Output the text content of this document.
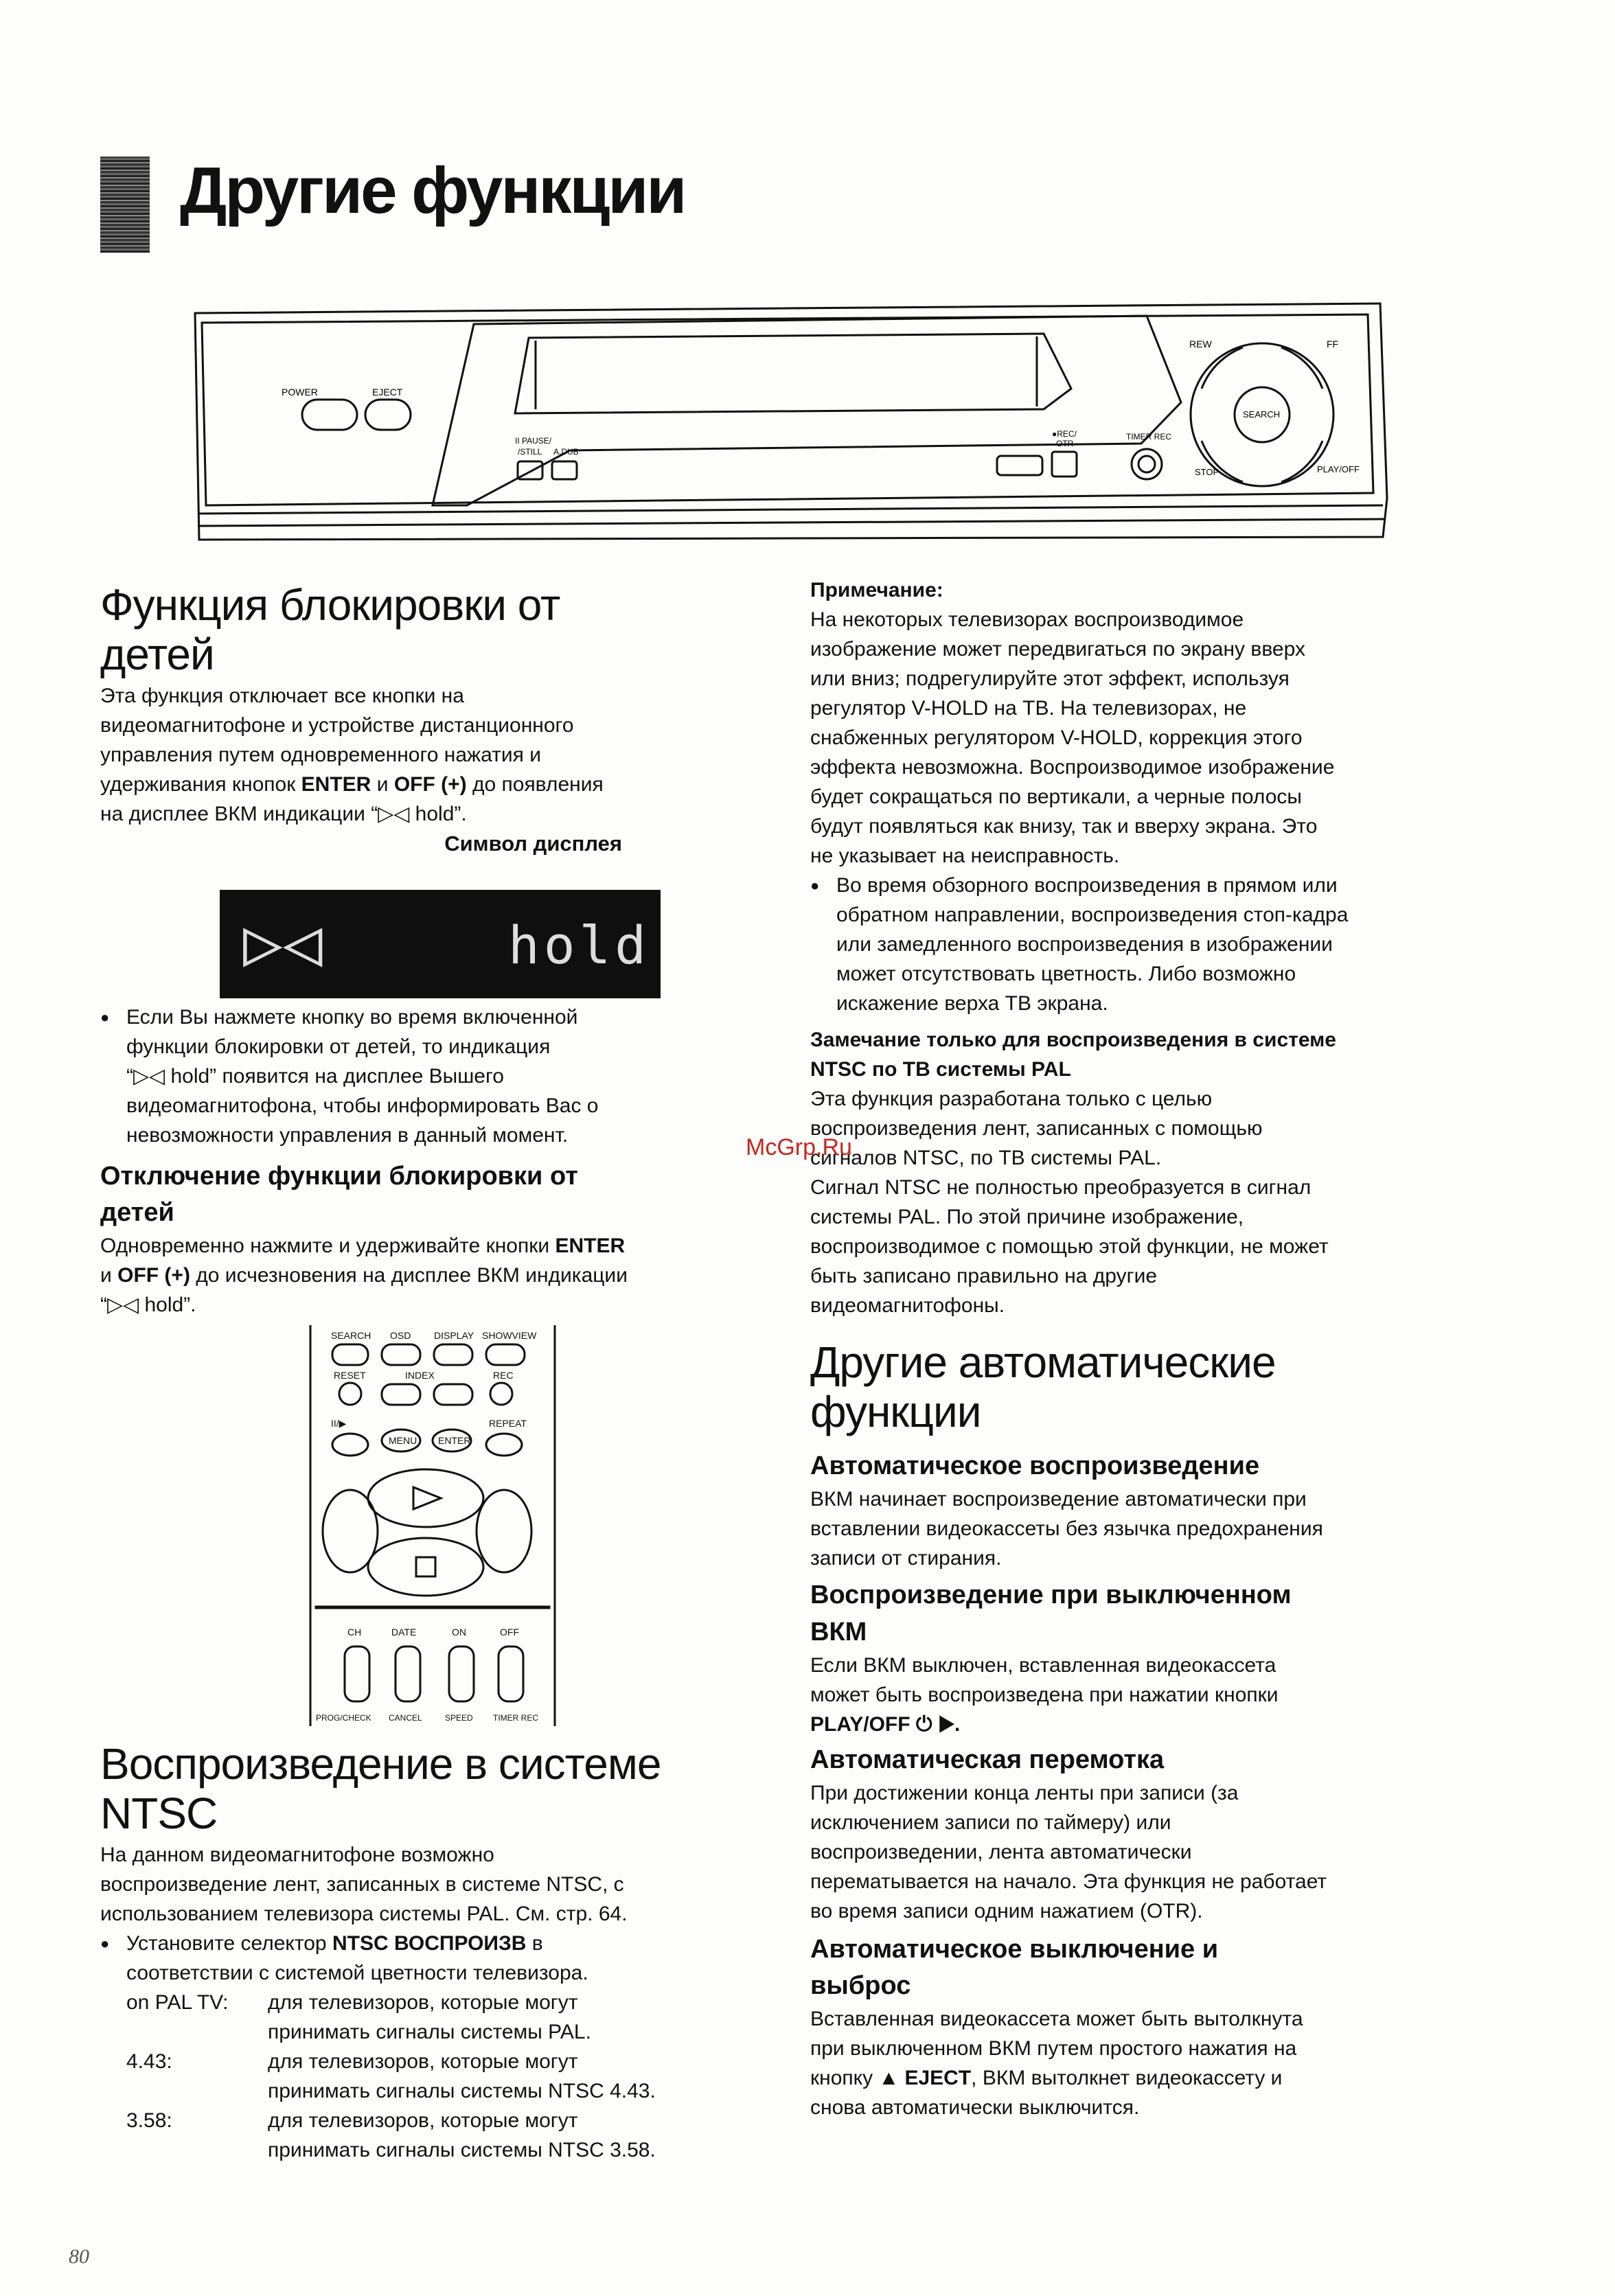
Другие функции
POWER	EJECT
II PAUSE/
/STILL A.DUB
●REC/
OTR
TIMER REC
REW	FF
SEARCH
STOP	PLAY/OFF
Функция блокировки от
детей
Эта функция отключает все кнопки на
видеомагнитофоне и устройстве дистанционного
управления путем одновременного нажатия и
удерживания кнопок ENTER и OFF (+) до появления
на дисплее ВКМ индикации “▷◁ hold”.
Символ дисплея
▷◁	hold
● Если Вы нажмете кнопку во время включенной
функции блокировки от детей, то индикация
“▷◁ hold” появится на дисплее Вышего
видеомагнитофона, чтобы информировать Вас о
невозможности управления в данный момент.
Отключение функции блокировки от
детей
Одновременно нажмите и удерживайте кнопки ENTER
и OFF (+) до исчезновения на дисплее ВКМ индикации
“▷◁ hold”.
SEARCH OSD DISPLAY SHOWVIEW
RESET	INDEX	REC
II/▶
MENU ENTER
REPEAT
CH	DATE	ON	OFF
PROG/CHECK CANCEL	SPEED TIMER REC
Воспроизведение в системе
NTSC
На данном видеомагнитофоне возможно
воспроизведение лент, записанных в системе NTSC, с
использованием телевизора системы PAL. См. стр. 64.
● Установите селектор NTSC ВОСПРОИЗВ в
соответствии с системой цветности телевизора.
on PAL TV:	для телевизоров, которые могут
принимать сигналы системы PAL.
4.43:	для телевизоров, которые могут
принимать сигналы системы NTSC 4.43.
3.58:	для телевизоров, которые могут
принимать сигналы системы NTSC 3.58.
Примечание:
На некоторых телевизорах воспроизводимое
изображение может передвигаться по экрану вверх
или вниз; подрегулируйте этот эффект, используя
регулятор V-HOLD на ТВ. На телевизорах, не
снабженных регулятором V-HOLD, коррекция этого
эффекта невозможна. Воспроизводимое изображение
будет сокращаться по вертикали, а черные полосы
будут появляться как внизу, так и вверху экрана. Это
не указывает на неисправность.
● Во время обзорного воспроизведения в прямом или
обратном направлении, воспроизведения стоп-кадра
или замедленного воспроизведения в изображении
может отсутствовать цветность. Либо возможно
искажение верха ТВ экрана.
Замечание только для воспроизведения в системе
NTSC по ТВ системы PAL
Эта функция разработана только с целью
воспроизведения лент, записанных с помощью
сигналов NTSC, по ТВ системы PAL.
Сигнал NTSC не полностью преобразуется в сигнал
системы PAL. По этой причине изображение,
воспроизводимое с помощью этой функции, не может
быть записано правильно на другие
видеомагнитофоны.
Другие автоматические
функции
Автоматическое воспроизведение
ВКМ начинает воспроизведение автоматически при
вставлении видеокассеты без язычка предохранения
записи от стирания.
Воспроизведение при выключенном
ВКМ
Если ВКМ выключен, вставленная видеокассета
может быть воспроизведена при нажатии кнопки
PLAY/OFF ⏻ ▶.
Автоматическая перемотка
При достижении конца ленты при записи (за
исключением записи по таймеру) или
воспроизведении, лента автоматически
перематывается на начало. Эта функция не работает
во время записи одним нажатием (OTR).
Автоматическое выключение и
выброс
Вставленная видеокассета может быть вытолкнута
при выключенном ВКМ путем простого нажатия на
кнопку ▲ EJECT, ВКМ вытолкнет видеокассету и
снова автоматически выключится.
McGrp.Ru
80
